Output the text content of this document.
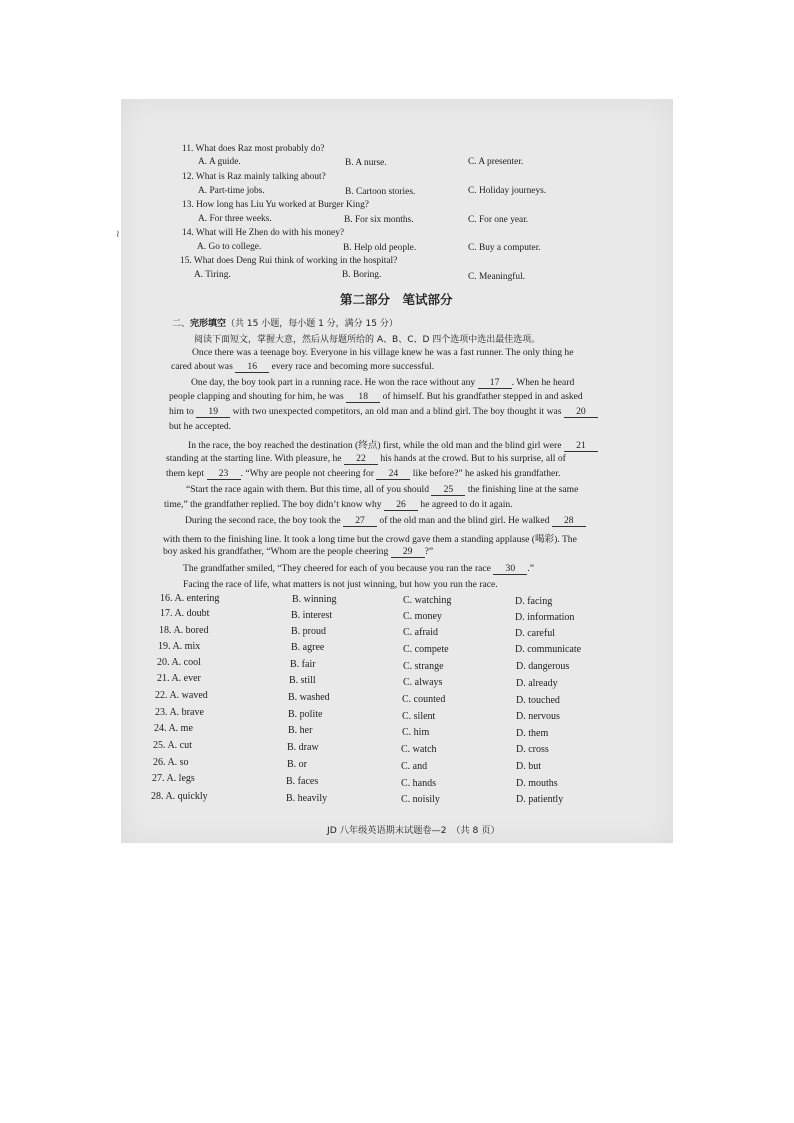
≀
11. What does Raz most probably do?
A. A guide.	B. A nurse.	C. A presenter.
12. What is Raz mainly talking about?
A. Part-time jobs.	B. Cartoon stories.	C. Holiday journeys.
13. How long has Liu Yu worked at Burger King?
A. For three weeks.	B. For six months.	C. For one year.
14. What will He Zhen do with his money?
A. Go to college.	B. Help old people.	C. Buy a computer.
15. What does Deng Rui think of working in the hospital?
A. Tiring.	B. Boring.	C. Meaningful.
第二部分　笔试部分
二、完形填空（共 15 小题，每小题 1 分，满分 15 分）
阅读下面短文，掌握大意，然后从每题所给的 A、B、C、D 四个选项中选出最佳选项。
Once there was a teenage boy. Everyone in his village knew he was a fast runner. The only thing he
cared about was 16 every race and becoming more successful.
One day, the boy took part in a running race. He won the race without any 17 . When he heard
people clapping and shouting for him, he was 18 of himself. But his grandfather stepped in and asked
him to 19 with two unexpected competitors, an old man and a blind girl. The boy thought it was 20
but he accepted.
In the race, the boy reached the destination (终点) first, while the old man and the blind girl were 21
standing at the starting line. With pleasure, he 22 his hands at the crowd. But to his surprise, all of
them kept 23 . “Why are people not cheering for 24 like before?” he asked his grandfather.
“Start the race again with them. But this time, all of you should 25 the finishing line at the same
time,” the grandfather replied. The boy didn’t know why 26 he agreed to do it again.
During the second race, the boy took the 27 of the old man and the blind girl. He walked 28
with them to the finishing line. It took a long time but the crowd gave them a standing applause (喝彩). The
boy asked his grandfather, “Whom are the people cheering 29 ?”
The grandfather smiled, “They cheered for each of you because you ran the race 30 .”
Facing the race of life, what matters is not just winning, but how you run the race.
16. A. entering	B. winning	C. watching	D. facing
17. A. doubt	B. interest	C. money	D. information
18. A. bored	B. proud	C. afraid	D. careful
19. A. mix	B. agree	C. compete	D. communicate
20. A. cool	B. fair	C. strange	D. dangerous
21. A. ever	B. still	C. always	D. already
22. A. waved	B. washed	C. counted	D. touched
23. A. brave	B. polite	C. silent	D. nervous
24. A. me	B. her	C. him	D. them
25. A. cut	B. draw	C. watch	D. cross
26. A. so	B. or	C. and	D. but
27. A. legs	B. faces	C. hands	D. mouths
28. A. quickly	B. heavily	C. noisily	D. patiently
JD 八年级英语期末试题卷—2　（共 8 页）
